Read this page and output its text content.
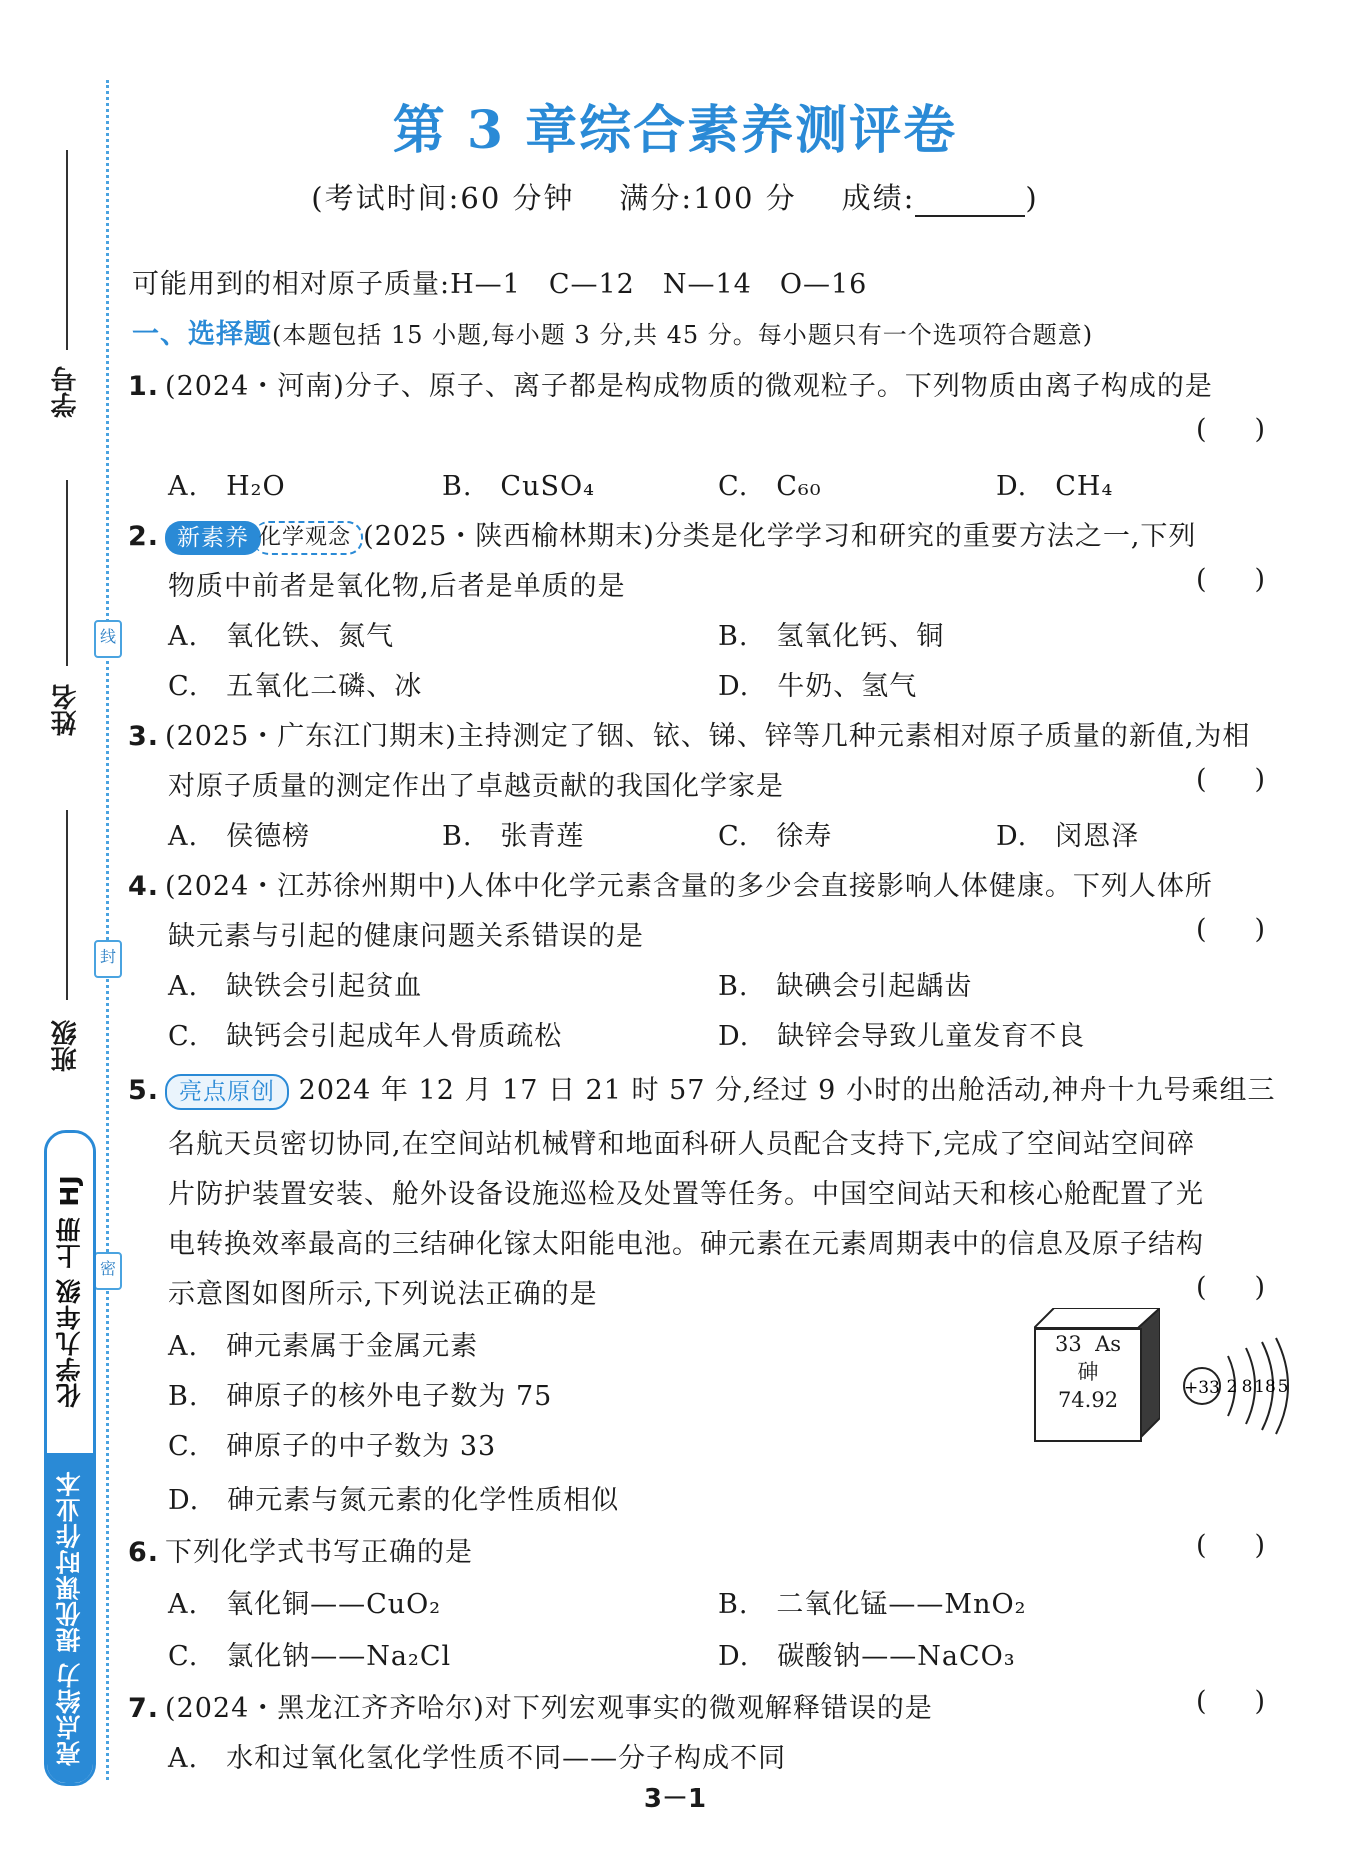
学号
姓名
班级
线
封
密
化学九年级 上册 HJ
亮点给力 提优课时作业本
第 3 章综合素养测评卷
(考试时间:60 分钟 满分:100 分 成绩:	)
可能用到的相对原子质量:H—1　C—12　N—14　O—16
一、选择题(本题包括 15 小题,每小题 3 分,共 45 分。每小题只有一个选项符合题意)
1. (2024・河南)分子、原子、离子都是构成物质的微观粒子。下列物质由离子构成的是
()
A.　H₂O	B.　CuSO₄	C.　C₆₀	D.　CH₄
2. 新素养 化学观念 (2025・陕西榆林期末)分类是化学学习和研究的重要方法之一,下列
物质中前者是氧化物,后者是单质的是	()
A.　氧化铁、氮气	B.　氢氧化钙、铜
C.　五氧化二磷、冰	D.　牛奶、氢气
3. (2025・广东江门期末)主持测定了铟、铱、锑、锌等几种元素相对原子质量的新值,为相
对原子质量的测定作出了卓越贡献的我国化学家是	()
A.　侯德榜	B.　张青莲	C.　徐寿	D.　闵恩泽
4. (2024・江苏徐州期中)人体中化学元素含量的多少会直接影响人体健康。下列人体所
缺元素与引起的健康问题关系错误的是	()
A.　缺铁会引起贫血	B.　缺碘会引起龋齿
C.　缺钙会引起成年人骨质疏松	D.　缺锌会导致儿童发育不良
5. 亮点原创 2024 年 12 月 17 日 21 时 57 分,经过 9 小时的出舱活动,神舟十九号乘组三
名航天员密切协同,在空间站机械臂和地面科研人员配合支持下,完成了空间站空间碎
片防护装置安装、舱外设备设施巡检及处置等任务。中国空间站天和核心舱配置了光
电转换效率最高的三结砷化镓太阳能电池。砷元素在元素周期表中的信息及原子结构
示意图如图所示,下列说法正确的是	()
A.　砷元素属于金属元素
B.　砷原子的核外电子数为 75
C.　砷原子的中子数为 33
D.　砷元素与氮元素的化学性质相似
33 As
砷
74.92	+33 2 8 18 5
6. 下列化学式书写正确的是	()
A.　氧化铜——CuO₂	B.　二氧化锰——MnO₂
C.　氯化钠——Na₂Cl	D.　碳酸钠——NaCO₃
7. (2024・黑龙江齐齐哈尔)对下列宏观事实的微观解释错误的是	()
A.　水和过氧化氢化学性质不同——分子构成不同
3－1
